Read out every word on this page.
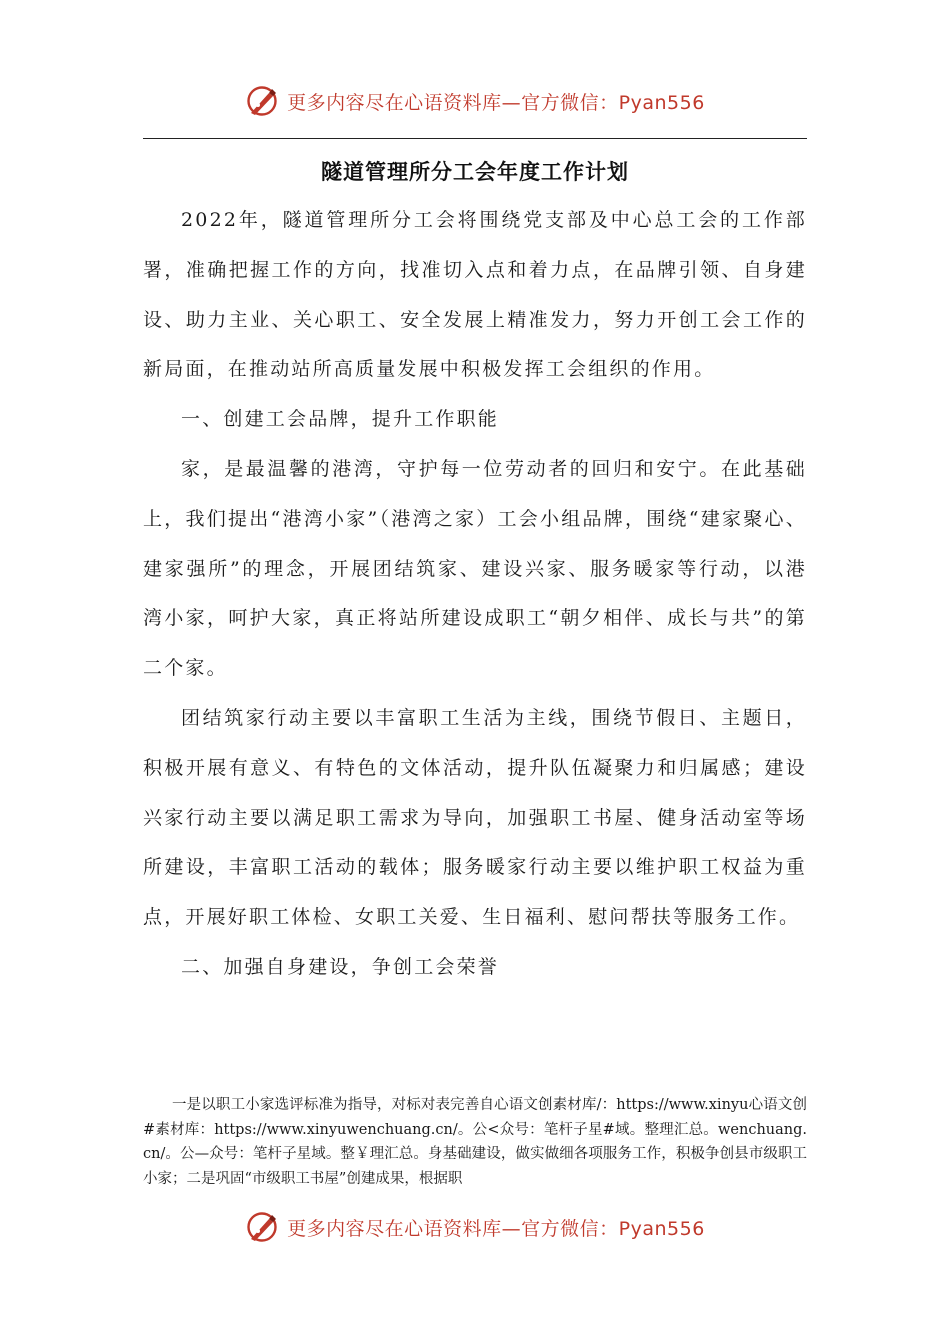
更多内容尽在心语资料库—官方微信：Pyan556
隧道管理所分工会年度工作计划

2022年，隧道管理所分工会将围绕党支部及中心总工会的工作部署，准确把握工作的方向，找准切入点和着力点，在品牌引领、自身建设、助力主业、关心职工、安全发展上精准发力，努力开创工会工作的新局面，在推动站所高质量发展中积极发挥工会组织的作用。

一、创建工会品牌，提升工作职能

家，是最温馨的港湾，守护每一位劳动者的回归和安宁。在此基础上，我们提出“港湾小家”（港湾之家）工会小组品牌，围绕“建家聚心、建家强所”的理念，开展团结筑家、建设兴家、服务暖家等行动，以港湾小家，呵护大家，真正将站所建设成职工“朝夕相伴、成长与共”的第二个家。

团结筑家行动主要以丰富职工生活为主线，围绕节假日、主题日，积极开展有意义、有特色的文体活动，提升队伍凝聚力和归属感；建设兴家行动主要以满足职工需求为导向，加强职工书屋、健身活动室等场所建设，丰富职工活动的载体；服务暖家行动主要以维护职工权益为重点，开展好职工体检、女职工关爱、生日福利、慰问帮扶等服务工作。

二、加强自身建设，争创工会荣誉

一是以职工小家选评标准为指导，对标对表完善自心语文创素材库/：https://www.xinyu心语文创#素材库：https://www.xinyuwenchuang.cn/。公<众号：笔杆子星#域。整理汇总。wenchuang.cn/。公—众号：笔杆子星域。整￥理汇总。身基础建设，做实做细各项服务工作，积极争创县市级职工小家；二是巩固“市级职工书屋”创建成果，根据职

更多内容尽在心语资料库—官方微信：Pyan556
